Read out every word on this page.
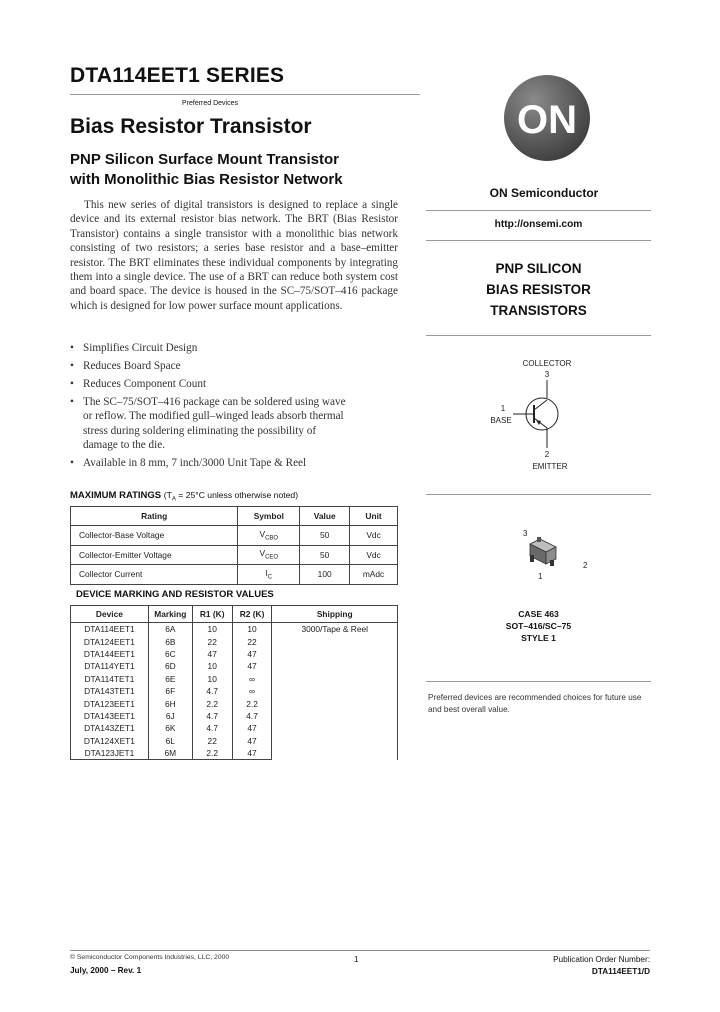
DTA114EET1 SERIES
Preferred Devices
Bias Resistor Transistor
PNP Silicon Surface Mount Transistor
with Monolithic Bias Resistor Network
This new series of digital transistors is designed to replace a single device and its external resistor bias network. The BRT (Bias Resistor Transistor) contains a single transistor with a monolithic bias network consisting of two resistors; a series base resistor and a base–emitter resistor. The BRT eliminates these individual components by integrating them into a single device. The use of a BRT can reduce both system cost and board space. The device is housed in the SC–75/SOT–416 package which is designed for low power surface mount applications.
• Simplifies Circuit Design
• Reduces Board Space
• Reduces Component Count
• The SC–75/SOT–416 package can be soldered using wave or reflow. The modified gull–winged leads absorb thermal stress during soldering eliminating the possibility of damage to the die.
• Available in 8 mm, 7 inch/3000 Unit Tape & Reel
MAXIMUM RATINGS ($T_A = 25^\circ C$ unless otherwise noted)
Rating	Symbol	Value	Unit
Collector-Base Voltage	$V_{CBO}$	50	Vdc
Collector-Emitter Voltage	$V_{CEO}$	50	Vdc
Collector Current	$I_C$	100	mAdc
DEVICE MARKING AND RESISTOR VALUES
Device	Marking	R1 (K)	R2 (K)	Shipping
DTA114EET1	6A	10	10	3000/Tape & Reel
DTA124EET1	6B	22	22	
DTA144EET1	6C	47	47	
DTA114YET1	6D	10	47	
DTA114TET1	6E	10	∞	
DTA143TET1	6F	4.7	∞	
DTA123EET1	6H	2.2	2.2	
DTA143EET1	6J	4.7	4.7	
DTA143ZET1	6K	4.7	47	
DTA124XET1	6L	22	47	
DTA123JET1	6M	2.2	47	
ON
ON Semiconductor
http://onsemi.com
PNP SILICON
BIAS RESISTOR
TRANSISTORS
COLLECTOR
3
1
BASE
2
EMITTER
3
2
1
CASE 463
SOT–416/SC–75
STYLE 1
Preferred devices are recommended choices for future use and best overall value.
© Semiconductor Components Industries, LLC, 2000
July, 2000 – Rev. 1
1	Publication Order Number:
DTA114EET1/D
